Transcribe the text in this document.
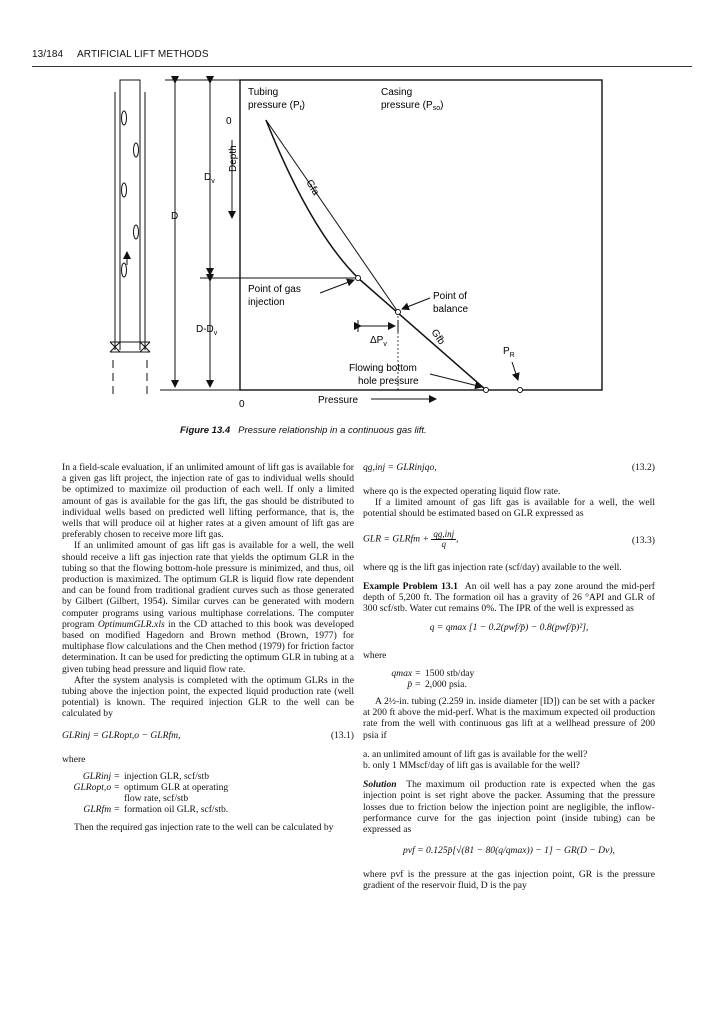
13/184 ARTIFICIAL LIFT METHODS
D
$D_v$
$D-D_v$
Depth
0
0
Tubing pressure $(P_t)$
Casing pressure $(P_{so})$
Gfa
Gfb
Point of gas injection
Point of balance
$\Delta P_v$
$P_R$
Flowing bottom hole pressure
Pressure
Figure 13.4 Pressure relationship in a continuous gas lift.

In a field-scale evaluation, if an unlimited amount of lift gas is available for a given gas lift project, the injection rate of gas to individual wells should be optimized to maximize oil production of each well. If only a limited amount of gas is available for the gas lift, the gas should be distributed to individual wells based on predicted well lifting performance, that is, the wells that will produce oil at higher rates at a given amount of lift gas are preferably chosen to receive more lift gas.

If an unlimited amount of gas lift gas is available for a well, the well should receive a lift gas injection rate that yields the optimum GLR in the tubing so that the flowing bottom-hole pressure is minimized, and thus, oil production is maximized. The optimum GLR is liquid flow rate dependent and can be found from traditional gradient curves such as those generated by Gilbert (Gilbert, 1954). Similar curves can be generated with modern computer programs using various multiphase correlations. The computer program OptimumGLR.xls in the CD attached to this book was developed based on modified Hagedorn and Brown method (Brown, 1977) for multiphase flow calculations and the Chen method (1979) for friction factor determination. It can be used for predicting the optimum GLR in tubing at a given tubing head pressure and liquid flow rate.

After the system analysis is completed with the optimum GLRs in the tubing above the injection point, the expected liquid production rate (well potential) is known. The required injection GLR to the well can be calculated by

GLRinj = GLRopt,o − GLRfm,	(13.1)
where
GLRinj = injection GLR, scf/stb
GLRopt,o = optimum GLR at operating
flow rate, scf/stb
GLRfm = formation oil GLR, scf/stb.

Then the required gas injection rate to the well can be calculated by

qg,inj = GLRinjqo,	(13.2)

where qo is the expected operating liquid flow rate.

If a limited amount of gas lift gas is available for a well, the well potential should be estimated based on GLR expressed as

GLR = GLRfm + $\frac{\text{qg,inj}}{q}$ ,	(13.3)

where qg is the lift gas injection rate (scf/day) available to the well.

Example Problem 13.1 An oil well has a pay zone around the mid-perf depth of 5,200 ft. The formation oil has a gravity of 26 °API and GLR of 300 scf/stb. Water cut remains 0%. The IPR of the well is expressed as

q = qmax [1 − 0.2(pwf/p̄) − 0.8(pwf/p̄)²],
where
qmax = 1500 stb/day
p̄ = 2,000 psia.

A 2½-in. tubing (2.259 in. inside diameter [ID]) can be set with a packer at 200 ft above the mid-perf. What is the maximum expected oil production rate from the well with continuous gas lift at a wellhead pressure of 200 psia if

a. an unlimited amount of lift gas is available for the well?

b. only 1 MMscf/day of lift gas is available for the well?

Solution The maximum oil production rate is expected when the gas injection point is set right above the packer. Assuming that the pressure losses due to friction below the injection point are negligible, the inflow-performance curve for the gas injection point (inside tubing) can be expressed as

pvf = 0.125p̄[√(81 − 80(q/qmax)) − 1] − GR(D − Dv),

where pvf is the pressure at the gas injection point, GR is the pressure gradient of the reservoir fluid, D is the pay
